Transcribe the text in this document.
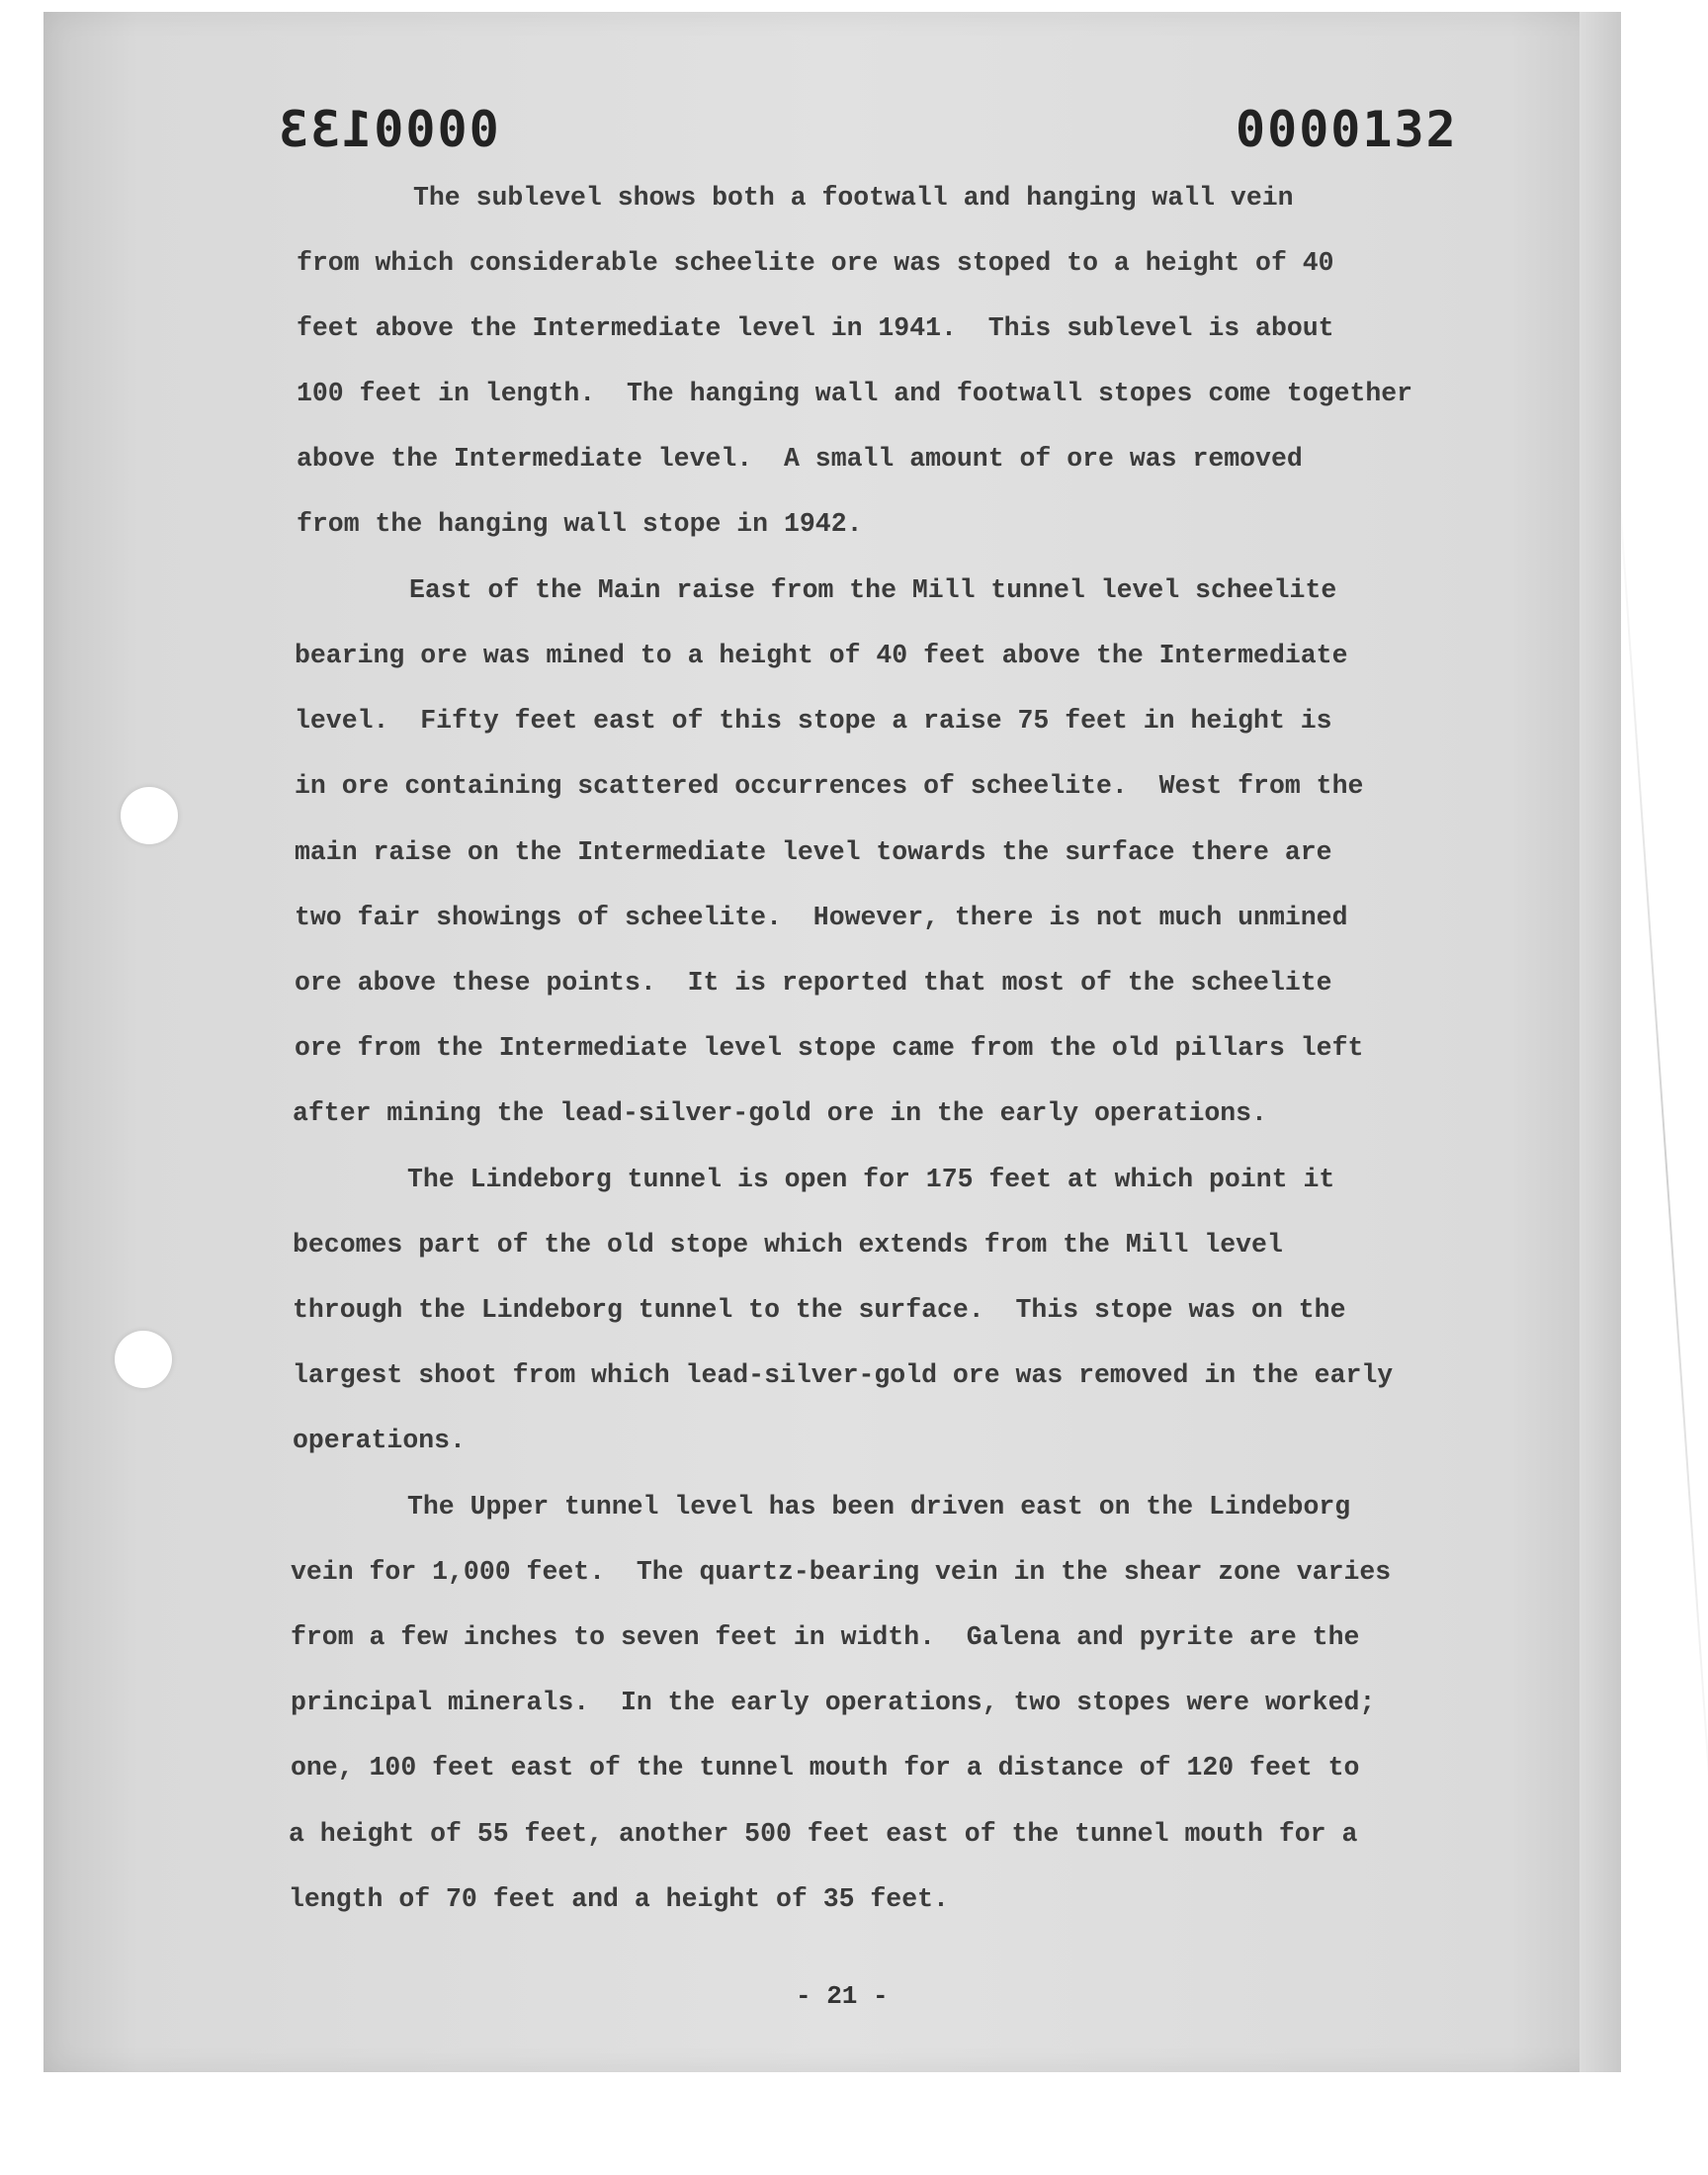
0000133	0000132
The sublevel shows both a footwall and hanging wall vein
from which considerable scheelite ore was stoped to a height of 40
feet above the Intermediate level in 1941.  This sublevel is about
100 feet in length.  The hanging wall and footwall stopes come together
above the Intermediate level.  A small amount of ore was removed
from the hanging wall stope in 1942.
East of the Main raise from the Mill tunnel level scheelite
bearing ore was mined to a height of 40 feet above the Intermediate
level.  Fifty feet east of this stope a raise 75 feet in height is
in ore containing scattered occurrences of scheelite.  West from the
main raise on the Intermediate level towards the surface there are
two fair showings of scheelite.  However, there is not much unmined
ore above these points.  It is reported that most of the scheelite
ore from the Intermediate level stope came from the old pillars left
after mining the lead-silver-gold ore in the early operations.
The Lindeborg tunnel is open for 175 feet at which point it
becomes part of the old stope which extends from the Mill level
through the Lindeborg tunnel to the surface.  This stope was on the
largest shoot from which lead-silver-gold ore was removed in the early
operations.
The Upper tunnel level has been driven east on the Lindeborg
vein for 1,000 feet.  The quartz-bearing vein in the shear zone varies
from a few inches to seven feet in width.  Galena and pyrite are the
principal minerals.  In the early operations, two stopes were worked;
one, 100 feet east of the tunnel mouth for a distance of 120 feet to
a height of 55 feet, another 500 feet east of the tunnel mouth for a
length of 70 feet and a height of 35 feet.
- 21 -
